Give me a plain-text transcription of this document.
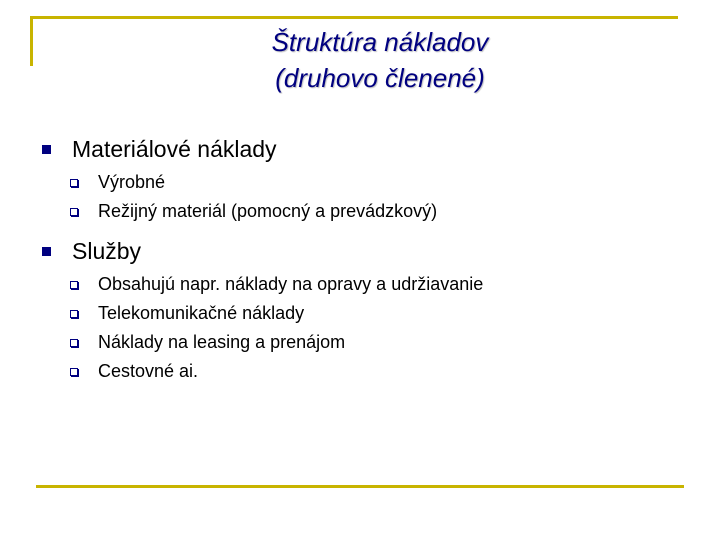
Štruktúra nákladov
(druhovo členené)
Materiálové náklady
Výrobné
Režijný materiál (pomocný a prevádzkový)
Služby
Obsahujú napr. náklady na opravy a udržiavanie
Telekomunikačné náklady
Náklady na leasing a prenájom
Cestovné ai.
